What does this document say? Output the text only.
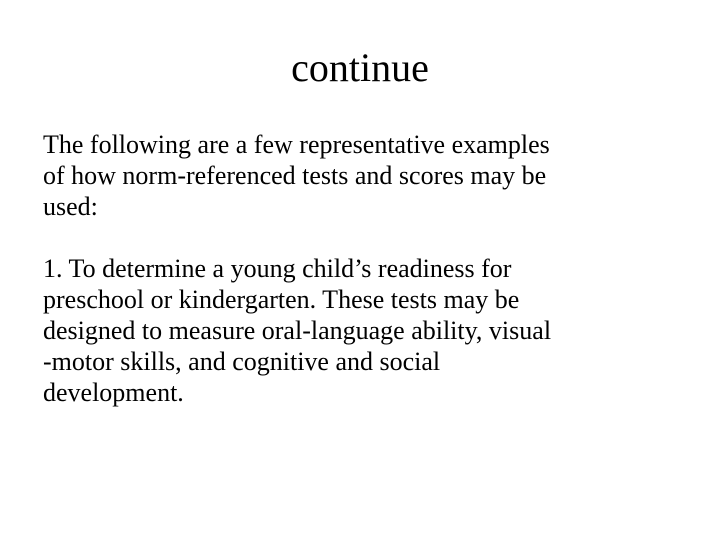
continue

The following are a few representative examples
of how norm-referenced tests and scores may be
used:

1. To determine a young child’s readiness for
preschool or kindergarten. These tests may be
designed to measure oral-language ability, visual
-motor skills, and cognitive and social
development.
